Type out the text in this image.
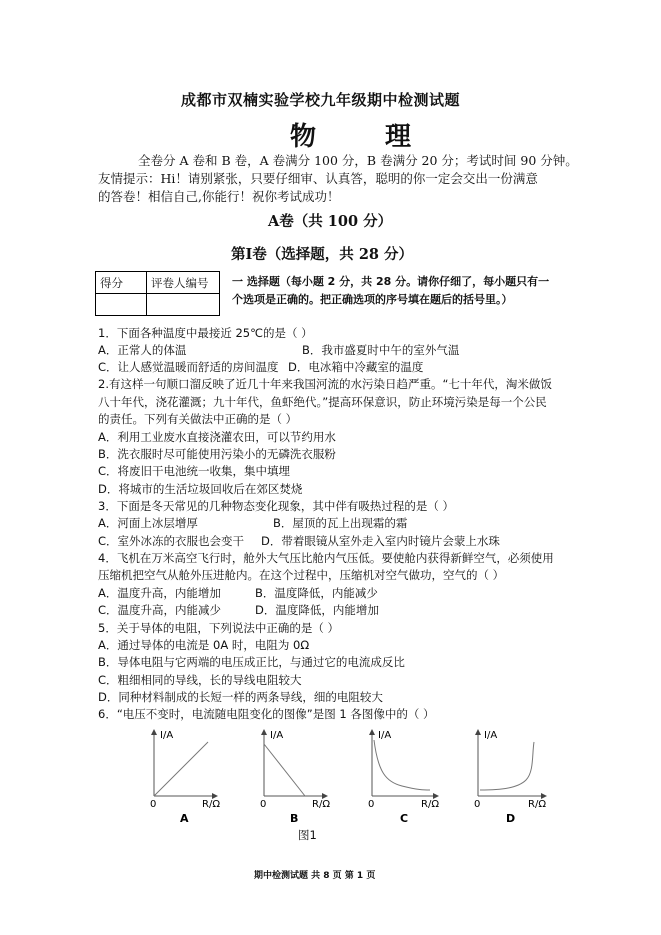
成都市双楠实验学校九年级期中检测试题
物 理
全卷分 A 卷和 B 卷，A 卷满分 100 分，B 卷满分 20 分；考试时间 90 分钟。
友情提示：Hi！请别紧张，只要仔细审、认真答，聪明的你一定会交出一份满意
的答卷！相信自己,你能行！祝你考试成功！
A卷（共 100 分）
第Ⅰ卷（选择题，共 28 分）
得分	评卷人编号
	一 选择题（每小题 2 分，共 28 分。请你仔细了，每小题只有一
个选项是正确的。把正确选项的序号填在题后的括号里。）
1．下面各种温度中最接近 25℃的是（ ）
A．正常人的体温	B．我市盛夏时中午的室外气温
C．让人感觉温暖而舒适的房间温度 D．电冰箱中冷藏室的温度
2.有这样一句顺口溜反映了近几十年来我国河流的水污染日趋严重。“七十年代，淘米做饭
八十年代，浇花灌溉；九十年代，鱼虾绝代。”提高环保意识，防止环境污染是每一个公民
的责任。下列有关做法中正确的是（ ）
A．利用工业废水直接浇灌农田，可以节约用水
B．洗衣服时尽可能使用污染小的无磷洗衣服粉
C．将废旧干电池统一收集，集中填埋
D．将城市的生活垃圾回收后在郊区焚烧
3．下面是冬天常见的几种物态变化现象，其中伴有吸热过程的是（ ）
A．河面上冰层增厚	B．屋顶的瓦上出现霜的霜
C．室外冰冻的衣服也会变干 D．带着眼镜从室外走入室内时镜片会蒙上水珠
4．飞机在万米高空飞行时，舱外大气压比舱内气压低。要使舱内获得新鲜空气，必须使用
压缩机把空气从舱外压进舱内。在这个过程中，压缩机对空气做功，空气的（ ）
A．温度升高，内能增加	B．温度降低，内能减少
C．温度升高，内能减少	D．温度降低，内能增加
5．关于导体的电阻，下列说法中正确的是（ ）
A．通过导体的电流是 0A 时，电阻为 0Ω
B．导体电阻与它两端的电压成正比，与通过它的电流成反比
C．粗细相同的导线，长的导线电阻较大
D．同种材料制成的长短一样的两条导线，细的电阻较大
6．“电压不变时，电流随电阻变化的图像”是图 1 各图像中的（ ）
I/A
0	R/Ω
A
I/A
0	R/Ω
B
I/A
0	R/Ω
C
I/A
0	R/Ω
D
图1
期中检测试题 共 8 页 第 1 页
